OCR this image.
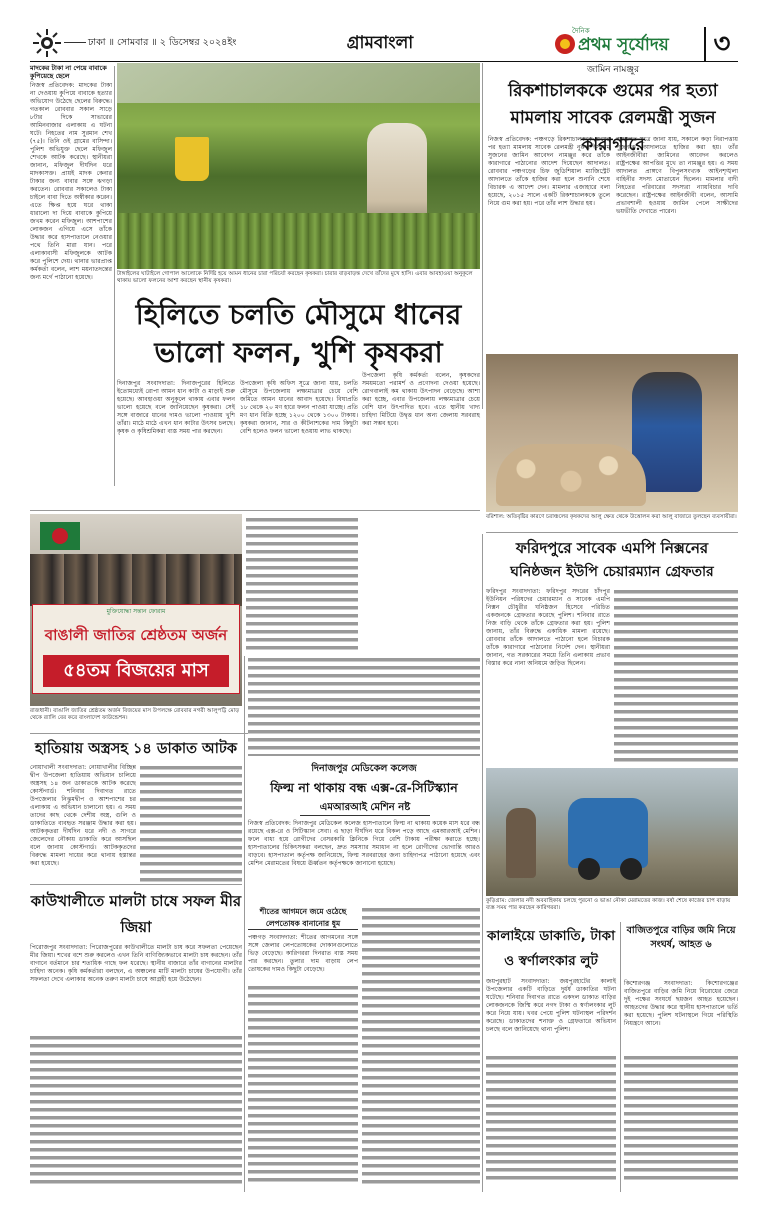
ঢাকা ॥ সোমবার ॥ ২ ডিসেম্বর ২০২৪ইং	গ্রামবাংলা
দৈনিক
প্রথম সূর্যোদয়	৩
মাদকের টাকা না পেয়ে বাবাকে কুপিয়েছে ছেলে
নিজস্ব প্রতিবেদক: মাদকের টাকা না দেওয়ায় কুপিয়ে বাবাকে হত্যার অভিযোগ উঠেছে ছেলের বিরুদ্ধে। গতকাল রোববার সকাল সাড়ে ৮টার দিকে সাভারের আমিনবাজার এলাকায় এ ঘটনা ঘটে। নিহতের নাম সুরমান শেখ (৭৫)। তিনি ওই গ্রামের বাসিন্দা। পুলিশ অভিযুক্ত ছেলে মফিজুল শেখকে আটক করেছে। স্থানীয়রা জানান, মফিজুল দীর্ঘদিন ধরে মাদকাসক্ত। প্রায়ই মাদক কেনার টাকার জন্য বাবার সঙ্গে ঝগড়া করতেন। রোববার সকালেও টাকা চাইলে বাবা দিতে অস্বীকার করেন। এতে ক্ষিপ্ত হয়ে ঘরে থাকা ধারালো দা দিয়ে বাবাকে কুপিয়ে জখম করেন মফিজুল। আশপাশের লোকজন এগিয়ে এসে তাঁকে উদ্ধার করে হাসপাতালে নেওয়ার পথে তিনি মারা যান। পরে এলাকাবাসী মফিজুলকে আটক করে পুলিশে দেয়। থানার ভারপ্রাপ্ত কর্মকর্তা বলেন, লাশ ময়নাতদন্তের জন্য মর্গে পাঠানো হয়েছে।	টাঙ্গাইলের ঘাটাইলে গোপাল আলোকে নির্দিষ্ট হয়ে আমন ধানের চারা পরিচর্যা করছেন কৃষকরা। চারার বাড়বাড়ন্ত দেখে তাঁদের মুখে হাসি। এবার আবহাওয়া অনুকূলে থাকায় ভালো ফলনের আশা করছেন স্থানীয় কৃষকরা।
জামিন নামঞ্জুর
রিকশাচালককে গুমের পর হত্যা মামলায় সাবেক রেলমন্ত্রী সুজন কারাগারে
নিজস্ব প্রতিবেদক: পঞ্চগড়ে রিকশাচালককে গুমের পর হত্যা মামলায় সাবেক রেলমন্ত্রী নুরুল ইসলাম সুজনের জামিন আবেদন নামঞ্জুর করে তাঁকে কারাগারে পাঠানোর আদেশ দিয়েছেন আদালত। রোববার পঞ্চগড়ের চিফ জুডিশিয়াল ম্যাজিস্ট্রেট আদালতে তাঁকে হাজির করা হলে শুনানি শেষে বিচারক এ আদেশ দেন। মামলার এজাহারে বলা হয়েছে, ২০১৫ সালে একটি রিকশাচালককে তুলে নিয়ে গুম করা হয়। পরে তাঁর লাশ উদ্ধার হয়।
আদালত সূত্রে জানা যায়, সকালে কড়া নিরাপত্তায় সুজনকে আদালতে হাজির করা হয়। তাঁর আইনজীবীরা জামিনের আবেদন করলেও রাষ্ট্রপক্ষের আপত্তির মুখে তা নামঞ্জুর হয়। এ সময় আদালত প্রাঙ্গণে বিপুলসংখ্যক আইনশৃঙ্খলা বাহিনীর সদস্য মোতায়েন ছিলেন। মামলার বাদী নিহতের পরিবারের সদস্যরা ন্যায়বিচার দাবি করেছেন। রাষ্ট্রপক্ষের আইনজীবী বলেন, আসামি প্রভাবশালী হওয়ায় জামিন পেলে সাক্ষীদের ভয়ভীতি দেখাতে পারেন।
হিলিতে চলতি মৌসুমে ধানের ভালো ফলন, খুশি কৃষকরা
দিনাজপুর সংবাদদাতা: দিনাজপুরের হিলিতে ইতোমধ্যেই রোপা আমন ধান কাটা ও মাড়াই শুরু হয়েছে। আবহাওয়া অনুকূলে থাকায় এবার ফলন ভালো হয়েছে বলে জানিয়েছেন কৃষকরা। সেই সঙ্গে বাজারে ধানের দামও ভালো পাওয়ায় খুশি তাঁরা। মাঠে মাঠে এখন ধান কাটার উৎসব চলছে। কৃষক ও কৃষিশ্রমিকরা ব্যস্ত সময় পার করছেন।
উপজেলা কৃষি অফিস সূত্রে জানা যায়, চলতি মৌসুমে উপজেলায় লক্ষ্যমাত্রার চেয়ে বেশি জমিতে আমন ধানের আবাদ হয়েছে। বিঘাপ্রতি ১৮ থেকে ২০ মণ হারে ফলন পাওয়া যাচ্ছে। প্রতি মণ ধান বিক্রি হচ্ছে ১২০০ থেকে ১৩০০ টাকায়। কৃষকরা জানান, সার ও কীটনাশকের দাম কিছুটা বেশি হলেও ফলন ভালো হওয়ায় লাভ থাকছে।
উপজেলা কৃষি কর্মকর্তা বলেন, কৃষকদের সময়মতো পরামর্শ ও প্রণোদনা দেওয়া হয়েছে। রোগবালাই কম থাকায় উৎপাদন বেড়েছে। আশা করা হচ্ছে, এবার উপজেলায় লক্ষ্যমাত্রার চেয়ে বেশি ধান উৎপাদিত হবে। এতে স্থানীয় খাদ্য চাহিদা মিটিয়ে উদ্বৃত্ত ধান অন্য জেলায় সরবরাহ করা সম্ভব হবে।
বরিশাল: অতিবৃষ্টির কারণে চরাঞ্চলের কৃষকদের আলু ক্ষেত থেকে উত্তোলন করা আলু বাজারে তুলছেন ব্যবসায়ীরা।
মুক্তিযোদ্ধা সন্তান ফোরাম
বাঙালী জাতির শ্রেষ্ঠতম অর্জন
৫৪তম বিজয়ের মাস
রাজধানী। বাঙালি জাতির শ্রেষ্ঠতম অর্জন বিজয়ের মাস উপলক্ষে রোববার নগরী আলুপট্টি মোড় থেকে র‍্যালি বের করে বাংলাদেশ ফাউন্ডেশন।
হাতিয়ায় অস্ত্রসহ ১৪ ডাকাত আটক
নোয়াখালী সংবাদদাতা: নোয়াখালীর বিচ্ছিন্ন দ্বীপ উপজেলা হাতিয়ায় অভিযান চালিয়ে অস্ত্রসহ ১৪ জন ডাকাতকে আটক করেছে কোস্টগার্ড। শনিবার দিবাগত রাতে উপজেলার নিঝুমদ্বীপ ও আশপাশের চর এলাকায় এ অভিযান চালানো হয়। এ সময় তাদের কাছ থেকে দেশীয় অস্ত্র, গুলি ও ডাকাতিতে ব্যবহৃত সরঞ্জাম উদ্ধার করা হয়। আটককৃতরা দীর্ঘদিন ধরে নদী ও সাগরে জেলেদের নৌকায় ডাকাতি করে আসছিল বলে জানায় কোস্টগার্ড। আটককৃতদের বিরুদ্ধে মামলা দায়ের করে থানায় হস্তান্তর করা হয়েছে।
দিনাজপুর মেডিকেল কলেজ
ফিল্ম না থাকায় বন্ধ এক্স-রে-সিটিস্ক্যান
এমআরআই মেশিন নষ্ট
নিজস্ব প্রতিবেদক: দিনাজপুর মেডিকেল কলেজ হাসপাতালে ফিল্ম না থাকায় কয়েক মাস ধরে বন্ধ রয়েছে এক্স-রে ও সিটিস্ক্যান সেবা। এ ছাড়া দীর্ঘদিন ধরে বিকল পড়ে আছে এমআরআই মেশিন। ফলে বাধ্য হয়ে রোগীদের বেসরকারি ক্লিনিকে গিয়ে বেশি টাকায় পরীক্ষা করাতে হচ্ছে। হাসপাতালের চিকিৎসকরা বলছেন, দ্রুত সমস্যার সমাধান না হলে রোগীদের ভোগান্তি আরও বাড়বে। হাসপাতাল কর্তৃপক্ষ জানিয়েছে, ফিল্ম সরবরাহের জন্য চাহিদাপত্র পাঠানো হয়েছে এবং মেশিন মেরামতের বিষয়ে ঊর্ধ্বতন কর্তৃপক্ষকে জানানো হয়েছে।
কাউখালীতে মালটা চাষে সফল মীর জিয়া
পিরোজপুর সংবাদদাতা: পিরোজপুরের কাউখালীতে মালটা চাষ করে সফলতা পেয়েছেন মীর জিয়া। শখের বশে শুরু করলেও এখন তিনি বাণিজ্যিকভাবে মালটা চাষ করছেন। তাঁর বাগানে বর্তমানে চার শতাধিক গাছে ফল ধরেছে। স্থানীয় বাজারে তাঁর বাগানের মালটার চাহিদা অনেক। কৃষি কর্মকর্তারা বলছেন, এ অঞ্চলের মাটি মালটা চাষের উপযোগী। তাঁর সফলতা দেখে এলাকার অনেক তরুণ মালটা চাষে আগ্রহী হয়ে উঠেছেন।
শীতের আগমনে জমে ওঠেছে লেপতোষক বানানোর ধুম
পঞ্চগড় সংবাদদাতা: শীতের আগমনের সঙ্গে সঙ্গে জেলার লেপতোষকের দোকানগুলোতে ভিড় বেড়েছে। কারিগররা দিনরাত ব্যস্ত সময় পার করছেন। তুলার দাম বাড়ায় লেপ তোষকের দামও কিছুটা বেড়েছে।
ফরিদপুরে সাবেক এমপি নিক্সনের
ঘনিষ্ঠজন ইউপি চেয়ারম্যান গ্রেফতার
ফরিদপুর সংবাদদাতা: ফরিদপুর সদরের চাঁদপুর ইউনিয়ন পরিষদের চেয়ারম্যান ও সাবেক এমপি নিক্সন চৌধুরীর ঘনিষ্ঠজন হিসেবে পরিচিত একজনকে গ্রেফতার করেছে পুলিশ। শনিবার রাতে নিজ বাড়ি থেকে তাঁকে গ্রেফতার করা হয়। পুলিশ জানায়, তাঁর বিরুদ্ধে একাধিক মামলা রয়েছে। রোববার তাঁকে আদালতে পাঠানো হলে বিচারক তাঁকে কারাগারে পাঠানোর নির্দেশ দেন। স্থানীয়রা জানান, গত সরকারের সময়ে তিনি এলাকায় প্রভাব বিস্তার করে নানা অনিয়মে জড়িত ছিলেন।
কুড়িগ্রাম: জেলার নদী অববাহিকায় চলছে পুরনো ও ভাঙা নৌকা মেরামতের কাজ। বর্ষা শেষে কাজের চাপ বাড়ায় ব্যস্ত সময় পার করছেন কারিগররা।
কালাইয়ে ডাকাতি, টাকা ও স্বর্ণালংকার লুট
জয়পুরহাট সংবাদদাতা: জয়পুরহাটের কালাই উপজেলার একটি বাড়িতে দুর্ধর্ষ ডাকাতির ঘটনা ঘটেছে। শনিবার দিবাগত রাতে একদল ডাকাত বাড়ির লোকজনকে জিম্মি করে নগদ টাকা ও স্বর্ণালংকার লুট করে নিয়ে যায়। খবর পেয়ে পুলিশ ঘটনাস্থল পরিদর্শন করেছে। ডাকাতদের শনাক্ত ও গ্রেফতারে অভিযান চলছে বলে জানিয়েছে থানা পুলিশ।
বাজিতপুরে বাড়ির জমি নিয়ে সংঘর্ষ, আহত ৬
কিশোরগঞ্জ সংবাদদাতা: কিশোরগঞ্জের বাজিতপুরে বাড়ির জমি নিয়ে বিরোধের জেরে দুই পক্ষের সংঘর্ষে ছয়জন আহত হয়েছেন। আহতদের উদ্ধার করে স্থানীয় হাসপাতালে ভর্তি করা হয়েছে। পুলিশ ঘটনাস্থলে গিয়ে পরিস্থিতি নিয়ন্ত্রণে আনে।
